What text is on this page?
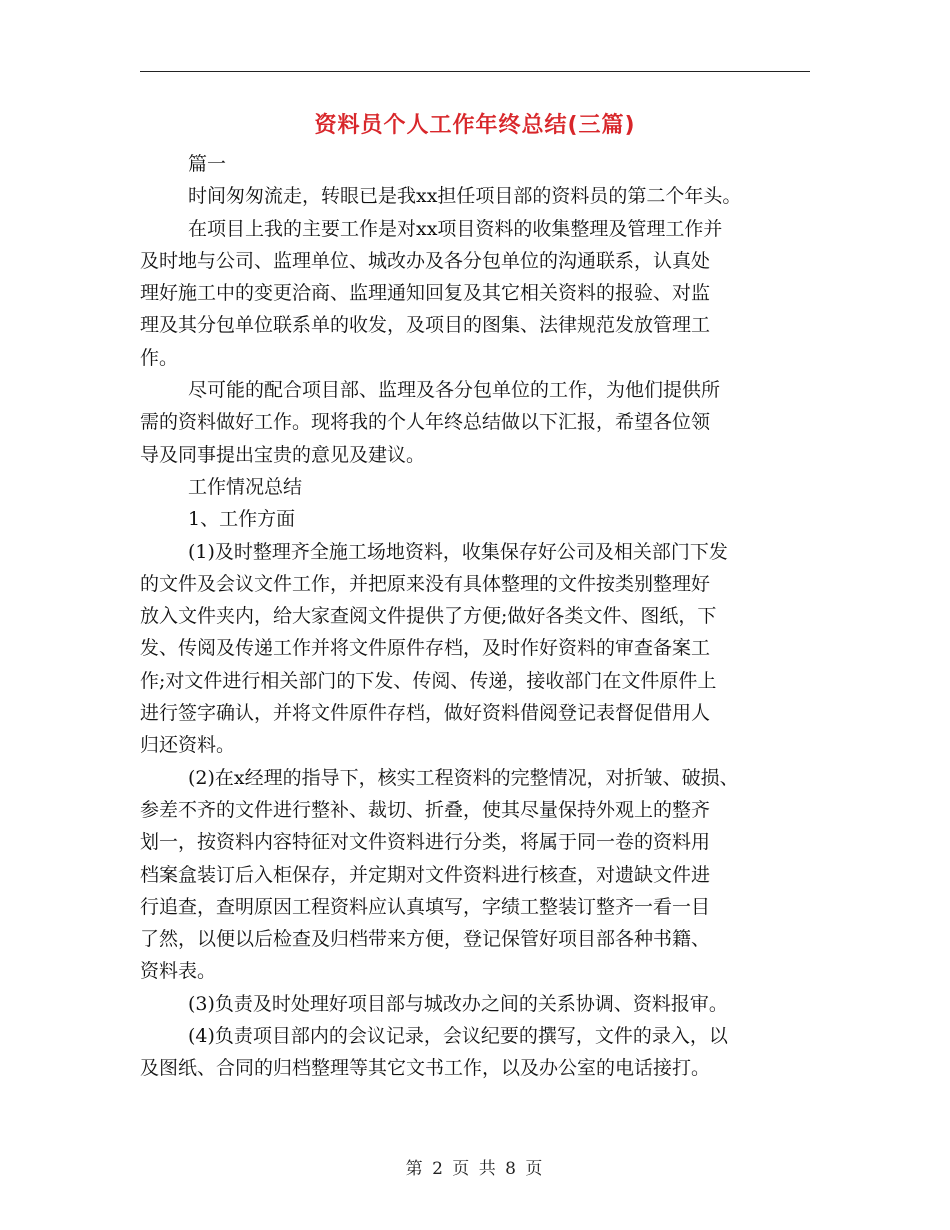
资料员个人工作年终总结(三篇)
篇一
时间匆匆流走，转眼已是我xx担任项目部的资料员的第二个年头。
在项目上我的主要工作是对xx项目资料的收集整理及管理工作并
及时地与公司、监理单位、城改办及各分包单位的沟通联系，认真处
理好施工中的变更洽商、监理通知回复及其它相关资料的报验、对监
理及其分包单位联系单的收发，及项目的图集、法律规范发放管理工
作。
尽可能的配合项目部、监理及各分包单位的工作，为他们提供所
需的资料做好工作。现将我的个人年终总结做以下汇报，希望各位领
导及同事提出宝贵的意见及建议。
工作情况总结
1、工作方面
(1)及时整理齐全施工场地资料，收集保存好公司及相关部门下发
的文件及会议文件工作，并把原来没有具体整理的文件按类别整理好
放入文件夹内，给大家查阅文件提供了方便;做好各类文件、图纸，下
发、传阅及传递工作并将文件原件存档，及时作好资料的审查备案工
作;对文件进行相关部门的下发、传阅、传递，接收部门在文件原件上
进行签字确认，并将文件原件存档，做好资料借阅登记表督促借用人
归还资料。
(2)在x经理的指导下，核实工程资料的完整情况，对折皱、破损、
参差不齐的文件进行整补、裁切、折叠，使其尽量保持外观上的整齐
划一，按资料内容特征对文件资料进行分类，将属于同一卷的资料用
档案盒装订后入柜保存，并定期对文件资料进行核查，对遗缺文件进
行追查，查明原因工程资料应认真填写，字绩工整装订整齐一看一目
了然，以便以后检查及归档带来方便，登记保管好项目部各种书籍、
资料表。
(3)负责及时处理好项目部与城改办之间的关系协调、资料报审。
(4)负责项目部内的会议记录，会议纪要的撰写，文件的录入，以
及图纸、合同的归档整理等其它文书工作，以及办公室的电话接打。
第 2 页 共 8 页
